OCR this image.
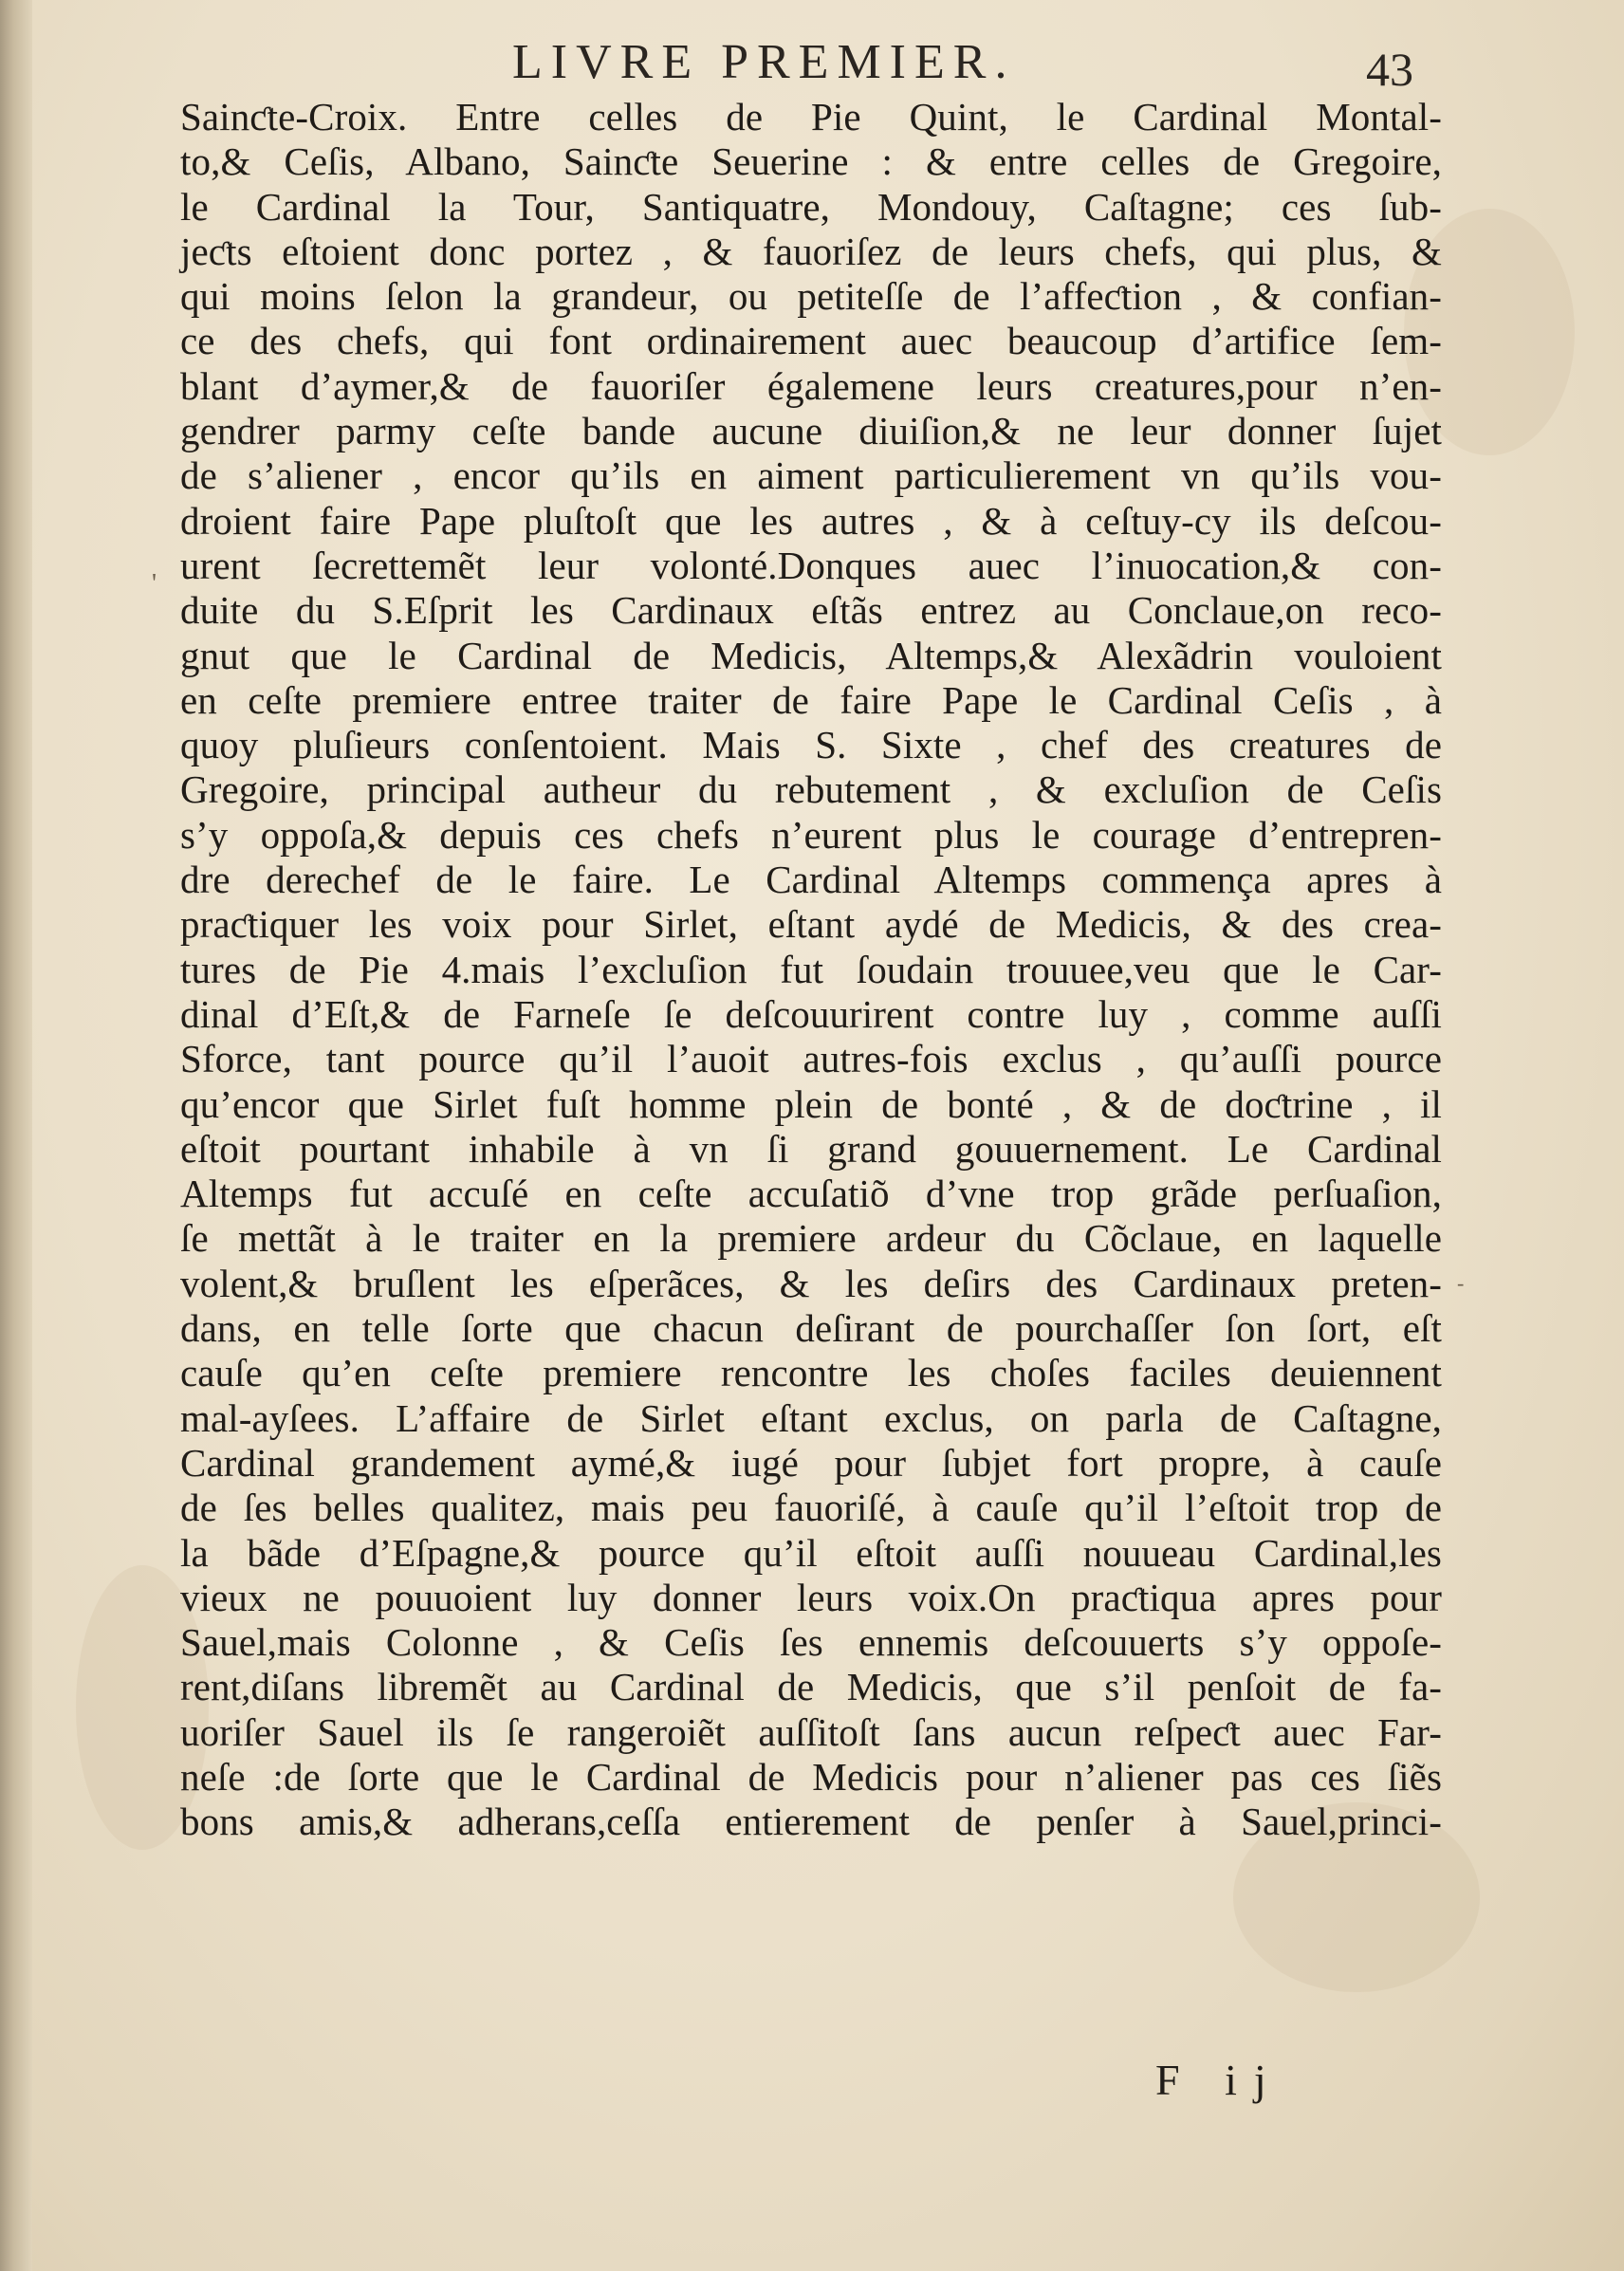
LIVRE PREMIER.	43
'
-
Sainƈte-Croix. Entre celles de Pie Quint, le Cardinal Montal-
to,& Ceſis, Albano, Sainƈte Seuerine : & entre celles de Gregoire,
le Cardinal la Tour, Santiquatre, Mondouy, Caſtagne; ces ſub-
jeƈts eſtoient donc portez , & fauoriſez de leurs chefs, qui plus, &
qui moins ſelon la grandeur, ou petiteſſe de l’affeƈtion , & confian-
ce des chefs, qui font ordinairement auec beaucoup d’artifice ſem-
blant d’aymer,& de fauoriſer égalemene leurs creatures,pour n’en-
gendrer parmy ceſte bande aucune diuiſion,& ne leur donner ſujet
de s’aliener , encor qu’ils en aiment particulierement vn qu’ils vou-
droient faire Pape pluſtoſt que les autres , & à ceſtuy-cy ils deſcou-
urent ſecrettemẽt leur volonté.Donques auec l’inuocation,& con-
duite du S.Eſprit les Cardinaux eſtãs entrez au Conclaue,on reco-
gnut que le Cardinal de Medicis, Altemps,& Alexãdrin vouloient
en ceſte premiere entree traiter de faire Pape le Cardinal Ceſis , à
quoy pluſieurs conſentoient. Mais S. Sixte , chef des creatures de
Gregoire, principal autheur du rebutement , & excluſion de Ceſis
s’y oppoſa,& depuis ces chefs n’eurent plus le courage d’entrepren-
dre derechef de le faire. Le Cardinal Altemps commença apres à
praƈtiquer les voix pour Sirlet, eſtant aydé de Medicis, & des crea-
tures de Pie 4.mais l’excluſion fut ſoudain trouuee,veu que le Car-
dinal d’Eſt,& de Farneſe ſe deſcouurirent contre luy , comme auſſi
Sforce, tant pource qu’il l’auoit autres-fois exclus , qu’auſſi pource
qu’encor que Sirlet fuſt homme plein de bonté , & de doƈtrine , il
eſtoit pourtant inhabile à vn ſi grand gouuernement. Le Cardinal
Altemps fut accuſé en ceſte accuſatiõ d’vne trop grãde perſuaſion,
ſe mettãt à le traiter en la premiere ardeur du Cõclaue, en laquelle
volent,& bruſlent les eſperãces, & les deſirs des Cardinaux preten-
dans, en telle ſorte que chacun deſirant de pourchaſſer ſon ſort, eſt
cauſe qu’en ceſte premiere rencontre les choſes faciles deuiennent
mal-ayſees. L’affaire de Sirlet eſtant exclus, on parla de Caſtagne,
Cardinal grandement aymé,& iugé pour ſubjet fort propre, à cauſe
de ſes belles qualitez, mais peu fauoriſé, à cauſe qu’il l’eſtoit trop de
la bãde d’Eſpagne,& pource qu’il eſtoit auſſi nouueau Cardinal,les
vieux ne pouuoient luy donner leurs voix.On praƈtiqua apres pour
Sauel,mais Colonne , & Ceſis ſes ennemis deſcouuerts s’y oppoſe-
rent,diſans libremẽt au Cardinal de Medicis, que s’il penſoit de fa-
uoriſer Sauel ils ſe rangeroiẽt auſſitoſt ſans aucun reſpeƈt auec Far-
neſe :de ſorte que le Cardinal de Medicis pour n’aliener pas ces ſiẽs
bons amis,& adherans,ceſſa entierement de penſer à Sauel,princi-
F ij
